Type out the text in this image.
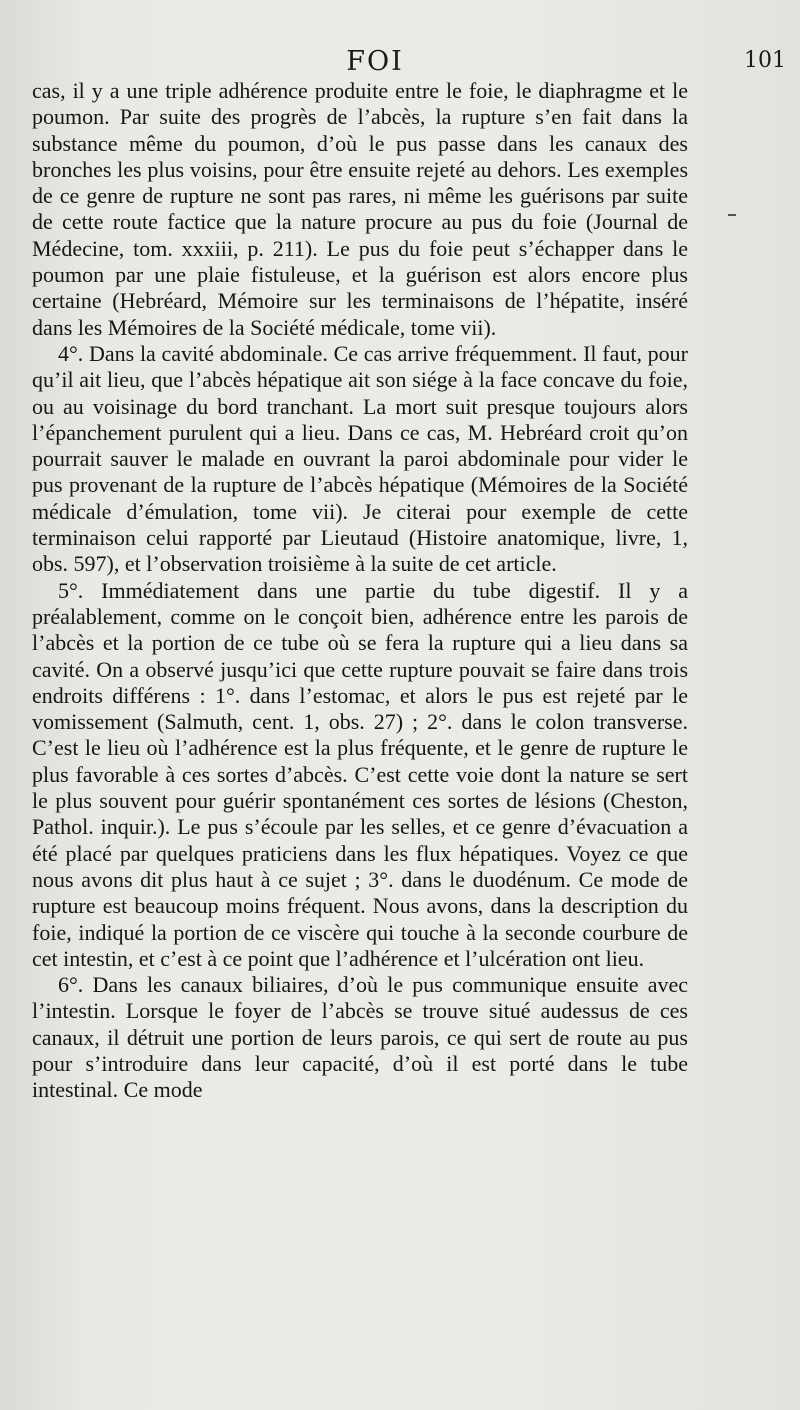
FOI	101

cas, il y a une triple adhérence produite entre le foie, le diaphragme et le poumon. Par suite des progrès de l’abcès, la rupture s’en fait dans la substance même du poumon, d’où le pus passe dans les canaux des bronches les plus voisins, pour être ensuite rejeté au dehors. Les exemples de ce genre de rupture ne sont pas rares, ni même les guérisons par suite de cette route factice que la nature procure au pus du foie (Journal de Médecine, tom. xxxiii, p. 211). Le pus du foie peut s’échapper dans le poumon par une plaie fistuleuse, et la guérison est alors encore plus certaine (Hebréard, Mémoire sur les terminaisons de l’hépatite, inséré dans les Mémoires de la Société médicale, tome vii).

4°. Dans la cavité abdominale. Ce cas arrive fréquemment. Il faut, pour qu’il ait lieu, que l’abcès hépatique ait son siége à la face concave du foie, ou au voisinage du bord tranchant. La mort suit presque toujours alors l’épanchement purulent qui a lieu. Dans ce cas, M. Hebréard croit qu’on pourrait sauver le malade en ouvrant la paroi abdominale pour vider le pus provenant de la rupture de l’abcès hépatique (Mémoires de la Société médicale d’émulation, tome vii). Je citerai pour exemple de cette terminaison celui rapporté par Lieutaud (Histoire anatomique, livre, 1, obs. 597), et l’observation troisième à la suite de cet article.

5°. Immédiatement dans une partie du tube digestif. Il y a préalablement, comme on le conçoit bien, adhérence entre les parois de l’abcès et la portion de ce tube où se fera la rupture qui a lieu dans sa cavité. On a observé jusqu’ici que cette rupture pouvait se faire dans trois endroits différens : 1°. dans l’estomac, et alors le pus est rejeté par le vomissement (Salmuth, cent. 1, obs. 27) ; 2°. dans le colon transverse. C’est le lieu où l’adhérence est la plus fréquente, et le genre de rupture le plus favorable à ces sortes d’abcès. C’est cette voie dont la nature se sert le plus souvent pour guérir spontanément ces sortes de lésions (Cheston, Pathol. inquir.). Le pus s’écoule par les selles, et ce genre d’évacuation a été placé par quelques praticiens dans les flux hépatiques. Voyez ce que nous avons dit plus haut à ce sujet ; 3°. dans le duodénum. Ce mode de rupture est beaucoup moins fréquent. Nous avons, dans la description du foie, indiqué la portion de ce viscère qui touche à la seconde courbure de cet intestin, et c’est à ce point que l’adhérence et l’ulcération ont lieu.

6°. Dans les canaux biliaires, d’où le pus communique ensuite avec l’intestin. Lorsque le foyer de l’abcès se trouve situé audessus de ces canaux, il détruit une portion de leurs parois, ce qui sert de route au pus pour s’introduire dans leur capacité, d’où il est porté dans le tube intestinal. Ce mode
